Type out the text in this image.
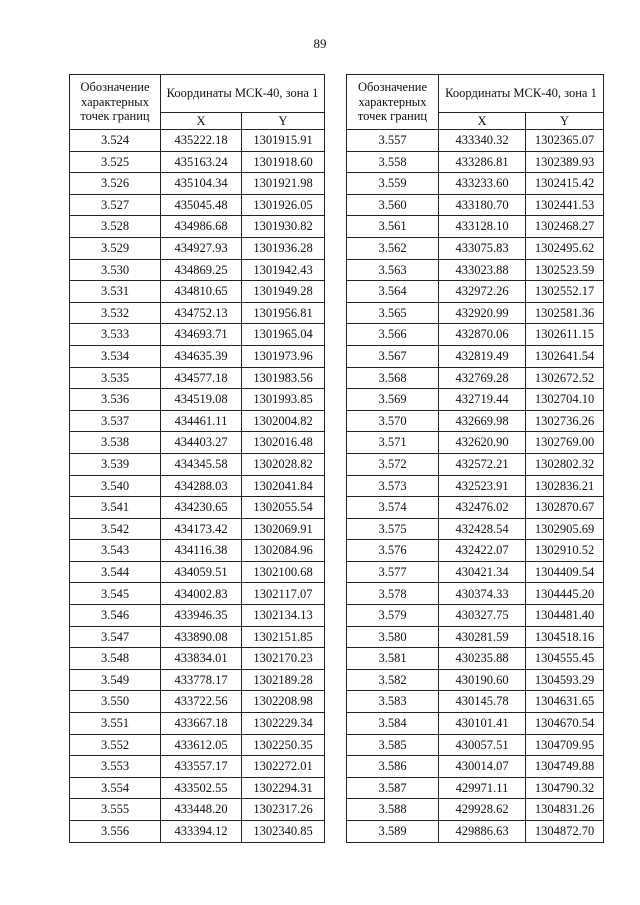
89
Обозначение характерных точек границ	Координаты МСК-40, зона 1	
	X	Y
3.524	435222.18	1301915.91
3.525	435163.24	1301918.60
3.526	435104.34	1301921.98
3.527	435045.48	1301926.05
3.528	434986.68	1301930.82
3.529	434927.93	1301936.28
3.530	434869.25	1301942.43
3.531	434810.65	1301949.28
3.532	434752.13	1301956.81
3.533	434693.71	1301965.04
3.534	434635.39	1301973.96
3.535	434577.18	1301983.56
3.536	434519.08	1301993.85
3.537	434461.11	1302004.82
3.538	434403.27	1302016.48
3.539	434345.58	1302028.82
3.540	434288.03	1302041.84
3.541	434230.65	1302055.54
3.542	434173.42	1302069.91
3.543	434116.38	1302084.96
3.544	434059.51	1302100.68
3.545	434002.83	1302117.07
3.546	433946.35	1302134.13
3.547	433890.08	1302151.85
3.548	433834.01	1302170.23
3.549	433778.17	1302189.28
3.550	433722.56	1302208.98
3.551	433667.18	1302229.34
3.552	433612.05	1302250.35
3.553	433557.17	1302272.01
3.554	433502.55	1302294.31
3.555	433448.20	1302317.26
3.556	433394.12	1302340.85
Обозначение характерных точек границ	Координаты МСК-40, зона 1	
	X	Y
3.557	433340.32	1302365.07
3.558	433286.81	1302389.93
3.559	433233.60	1302415.42
3.560	433180.70	1302441.53
3.561	433128.10	1302468.27
3.562	433075.83	1302495.62
3.563	433023.88	1302523.59
3.564	432972.26	1302552.17
3.565	432920.99	1302581.36
3.566	432870.06	1302611.15
3.567	432819.49	1302641.54
3.568	432769.28	1302672.52
3.569	432719.44	1302704.10
3.570	432669.98	1302736.26
3.571	432620.90	1302769.00
3.572	432572.21	1302802.32
3.573	432523.91	1302836.21
3.574	432476.02	1302870.67
3.575	432428.54	1302905.69
3.576	432422.07	1302910.52
3.577	430421.34	1304409.54
3.578	430374.33	1304445.20
3.579	430327.75	1304481.40
3.580	430281.59	1304518.16
3.581	430235.88	1304555.45
3.582	430190.60	1304593.29
3.583	430145.78	1304631.65
3.584	430101.41	1304670.54
3.585	430057.51	1304709.95
3.586	430014.07	1304749.88
3.587	429971.11	1304790.32
3.588	429928.62	1304831.26
3.589	429886.63	1304872.70
